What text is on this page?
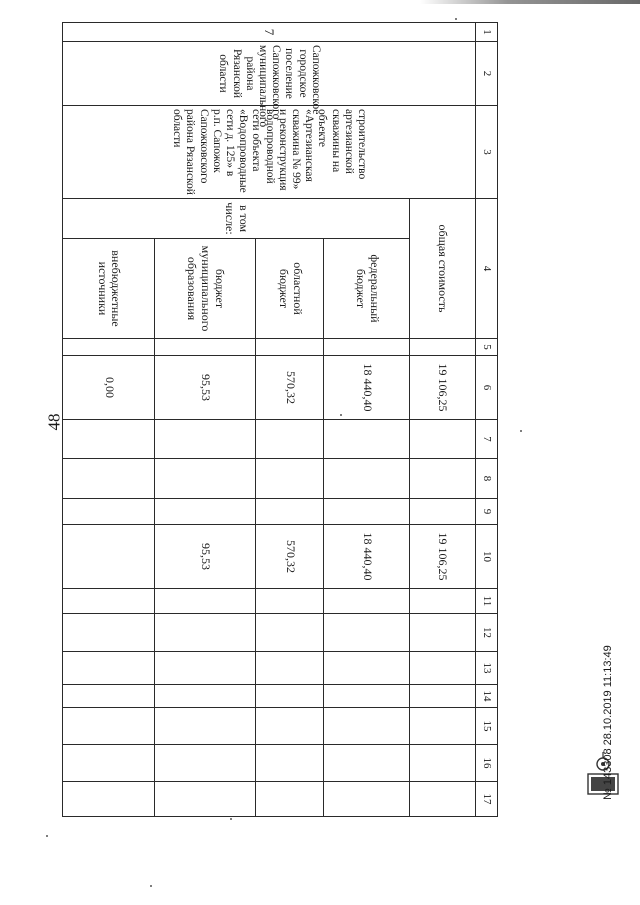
48
1	2	3	4		5	6	7	8	9	10	11	12	13	14	15	16	17	
7	Сапожковское городское поселение Сапожковского муниципального района Рязанской области	строительство артезианской скважины на объекте «Артезианская скважина № 99» и реконструкция водопроводной сети объекта «Водопроводные сети д. 125» в р.п. Сапожок Сапожковского района Рязанской области	общая стоимость			19 106,25				19 106,25								
			в том числе:	федеральный бюджет		18 440,40				18 440,40								
				областной бюджет		570,32				570,32								
				бюджет муниципального образования		95,53				95,53								
				внебюджетные источники		0,00												
№ 143308 28.10.2019 11:13:49
